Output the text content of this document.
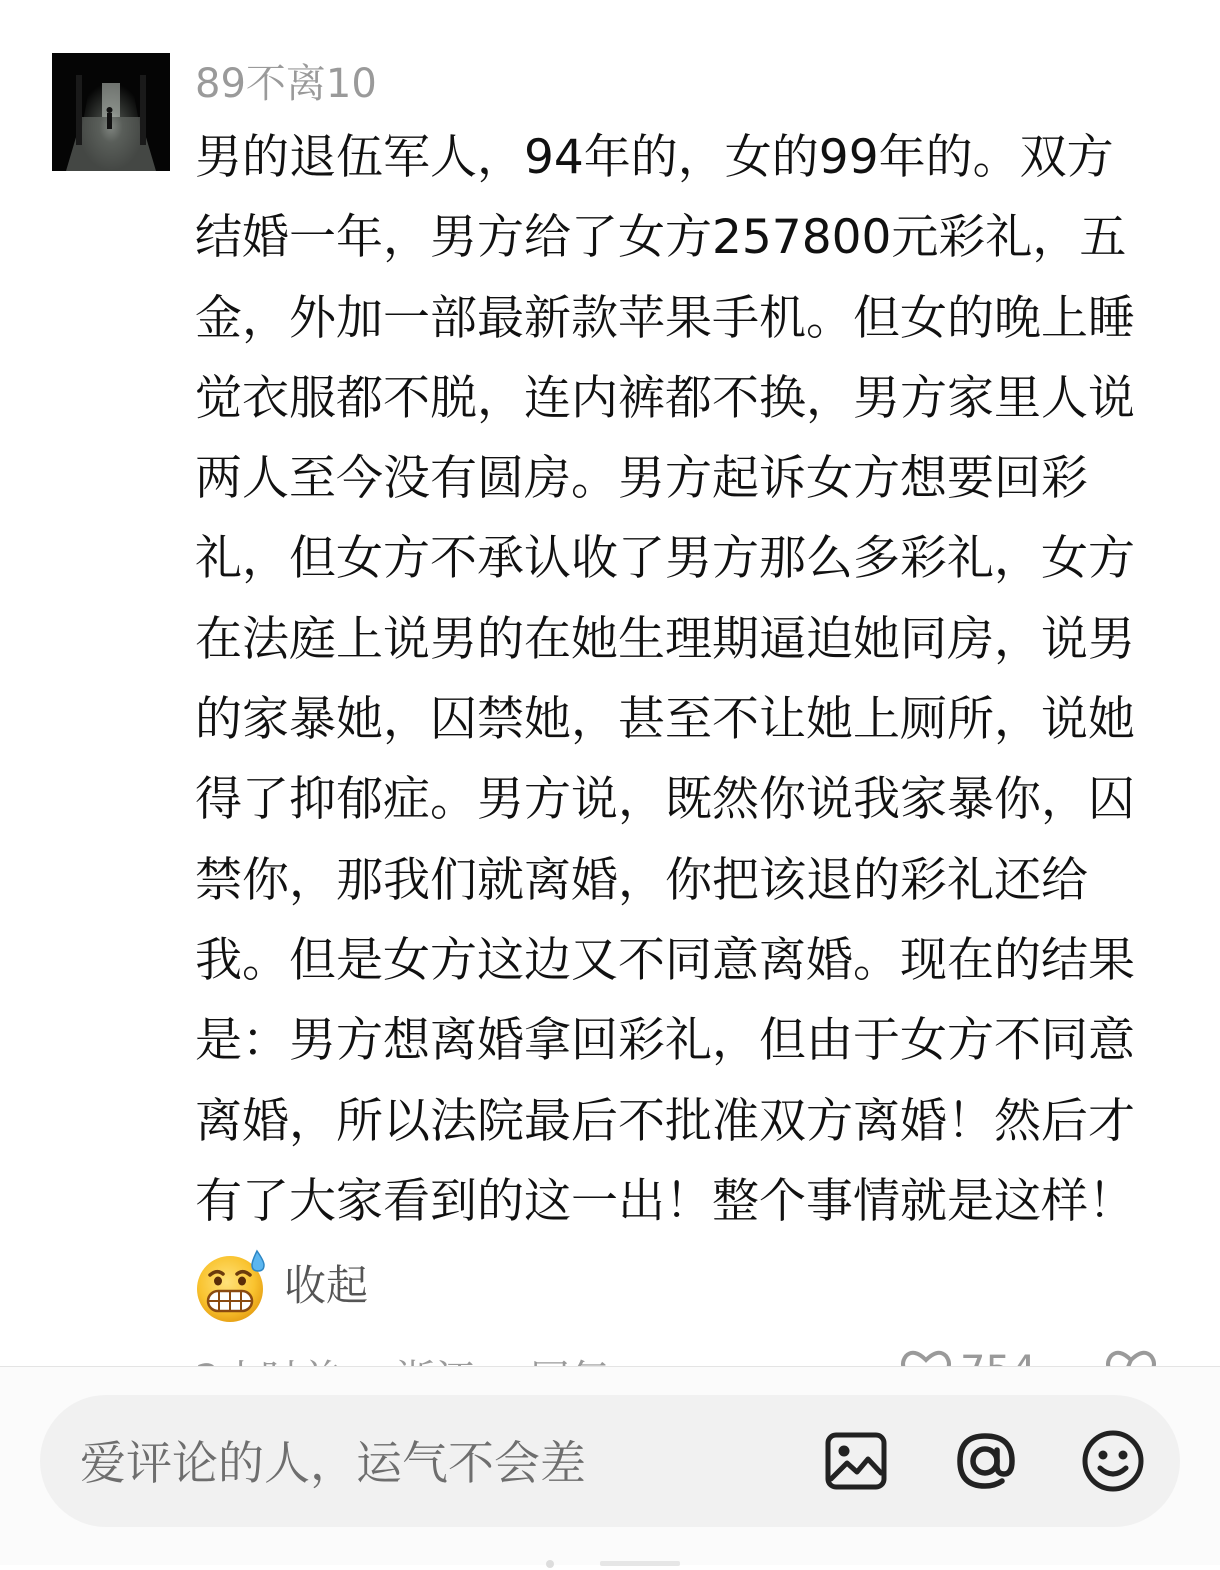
89不离10
男的退伍军人，94年的，女的99年的。双方
结婚一年，男方给了女方257800元彩礼，五
金，外加一部最新款苹果手机。但女的晚上睡
觉衣服都不脱，连内裤都不换，男方家里人说
两人至今没有圆房。男方起诉女方想要回彩
礼，但女方不承认收了男方那么多彩礼，女方
在法庭上说男的在她生理期逼迫她同房，说男
的家暴她，囚禁她，甚至不让她上厕所，说她
得了抑郁症。男方说，既然你说我家暴你，囚
禁你，那我们就离婚，你把该退的彩礼还给
我。但是女方这边又不同意离婚。现在的结果
是：男方想离婚拿回彩礼，但由于女方不同意
离婚，所以法院最后不批准双方离婚！然后才
有了大家看到的这一出！整个事情就是这样！
收起
爱评论的人，运气不会差
